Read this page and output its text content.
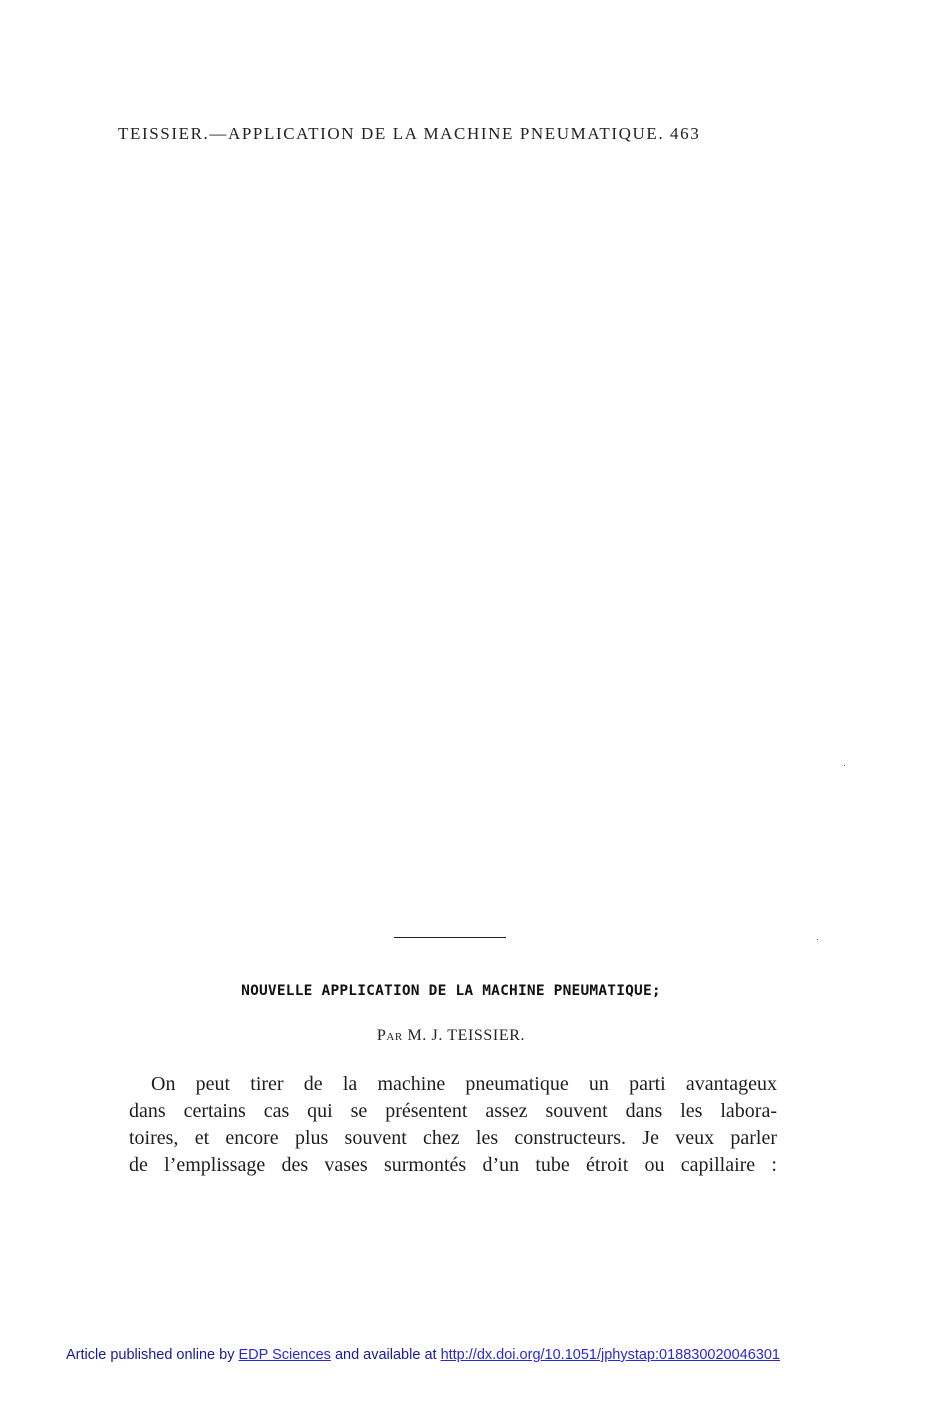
TEISSIER.—APPLICATION DE LA MACHINE PNEUMATIQUE. 463
NOUVELLE APPLICATION DE LA MACHINE PNEUMATIQUE;
Par M. J. TEISSIER.
On peut tirer de la machine pneumatique un parti avantageux
dans certains cas qui se présentent assez souvent dans les labora-
toires, et encore plus souvent chez les constructeurs. Je veux parler
de l’emplissage des vases surmontés d’un tube étroit ou capillaire :
Article published online by EDP Sciences and available at http://dx.doi.org/10.1051/jphystap:018830020046301
